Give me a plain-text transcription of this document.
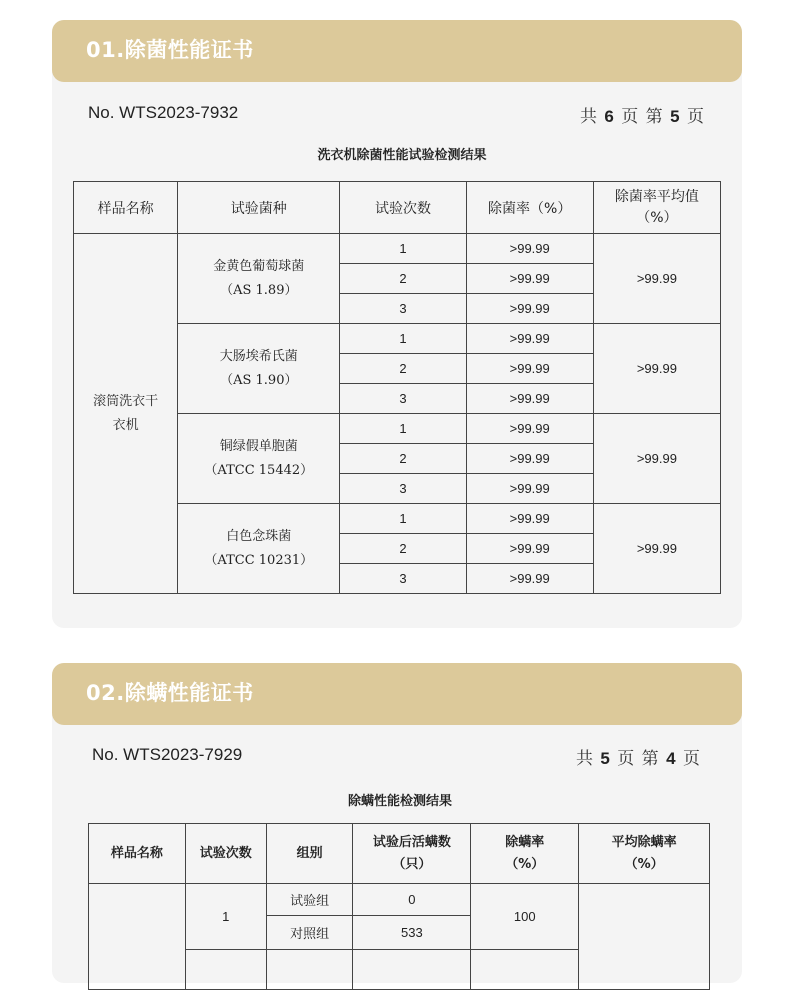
01.除菌性能证书
No. WTS2023-7932	共 6 页 第 5 页
洗衣机除菌性能试验检测结果
样品名称	试验菌种	试验次数	除菌率（%）	除菌率平均值
（%）

滚筒洗衣干
衣机	金黄色葡萄球菌
（AS 1.89）	1	>99.99	>99.99
		2	>99.99	
		3	>99.99	

	大肠埃希氏菌
（AS 1.90）	1	>99.99	>99.99
		2	>99.99	
		3	>99.99	

	铜绿假单胞菌
（ATCC 15442）	1	>99.99	>99.99
		2	>99.99	
		3	>99.99	

	白色念珠菌
（ATCC 10231）	1	>99.99	>99.99
		2	>99.99	
		3	>99.99	
02.除螨性能证书
No. WTS2023-7929	共 5 页 第 4 页
除螨性能检测结果
样品名称	试验次数	组别	试验后活螨数
（只）	除螨率
（%）	平均除螨率
（%）

	1	试验组	0	100	
		对照组	533		
